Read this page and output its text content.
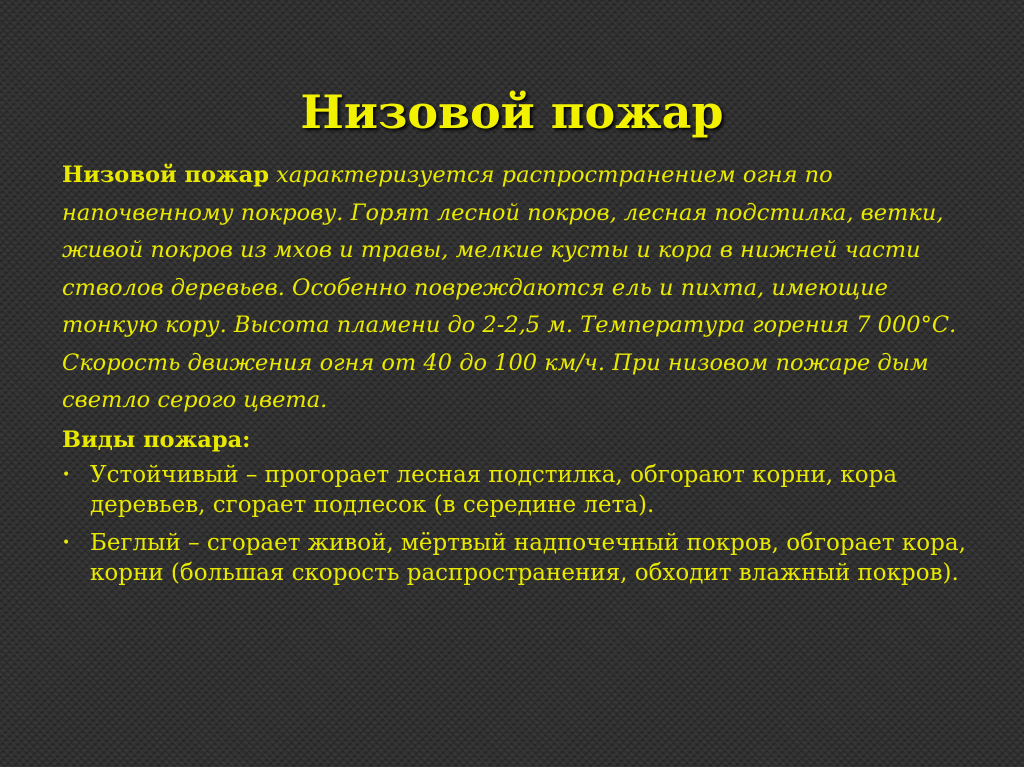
Низовой пожар

Низовой пожар характеризуется распространением огня по напочвенному покрову. Горят лесной покров, лесная подстилка, ветки, живой покров из мхов и травы, мелкие кусты и кора в нижней части стволов деревьев. Особенно повреждаются ель и пихта, имеющие тонкую кору. Высота пламени до 2-2,5 м. Температура горения 7 000°С. Скорость движения огня от 40 до 100 км/ч. При низовом пожаре дым светло серого цвета.

Виды пожара:

• Устойчивый – прогорает лесная подстилка, обгорают корни, кора деревьев, сгорает подлесок (в середине лета).
• Беглый – сгорает живой, мёртвый надпочечный покров, обгорает кора, корни (большая скорость распространения, обходит влажный покров).
